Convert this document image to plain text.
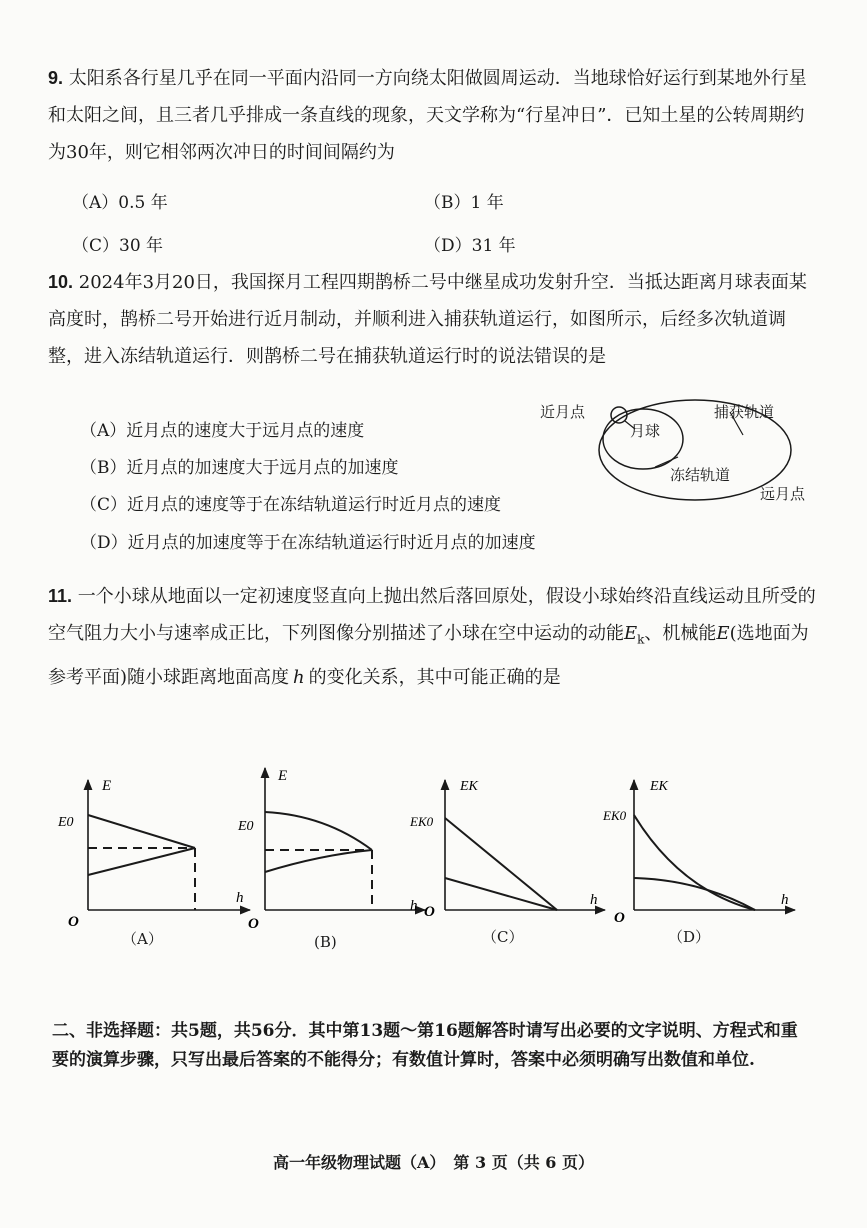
9. 太阳系各行星几乎在同一平面内沿同一方向绕太阳做圆周运动．当地球恰好运行到某地外行星和太阳之间，且三者几乎排成一条直线的现象，天文学称为“行星冲日”．已知土星的公转周期约为30年，则它相邻两次冲日的时间间隔约为
（A）0.5 年	（B）1 年
（C）30 年	（D）31 年
10. 2024年3月20日，我国探月工程四期鹊桥二号中继星成功发射升空．当抵达距离月球表面某高度时，鹊桥二号开始进行近月制动，并顺利进入捕获轨道运行，如图所示，后经多次轨道调整，进入冻结轨道运行．则鹊桥二号在捕获轨道运行时的说法错误的是
（A）近月点的速度大于远月点的速度
（B）近月点的加速度大于远月点的加速度
（C）近月点的速度等于在冻结轨道运行时近月点的速度
（D）近月点的加速度等于在冻结轨道运行时近月点的加速度
近月点	捕获轨道
月球
冻结轨道
远月点
11. 一个小球从地面以一定初速度竖直向上抛出然后落回原处，假设小球始终沿直线运动且所受的空气阻力大小与速率成正比，下列图像分别描述了小球在空中运动的动能$E_k$、机械能E(选地面为参考平面)随小球距离地面高度 h 的变化关系，其中可能正确的是
E
E0
h
O
E
E0
h
O
EK
EK0
h
O
EK
EK0
h
O
（A）	(B)	（C）	（D）
二、非选择题：共5题，共56分．其中第13题～第16题解答时请写出必要的文字说明、方程式和重要的演算步骤，只写出最后答案的不能得分；有数值计算时，答案中必须明确写出数值和单位.
高一年级物理试题（A）　第 3 页（共 6 页）
